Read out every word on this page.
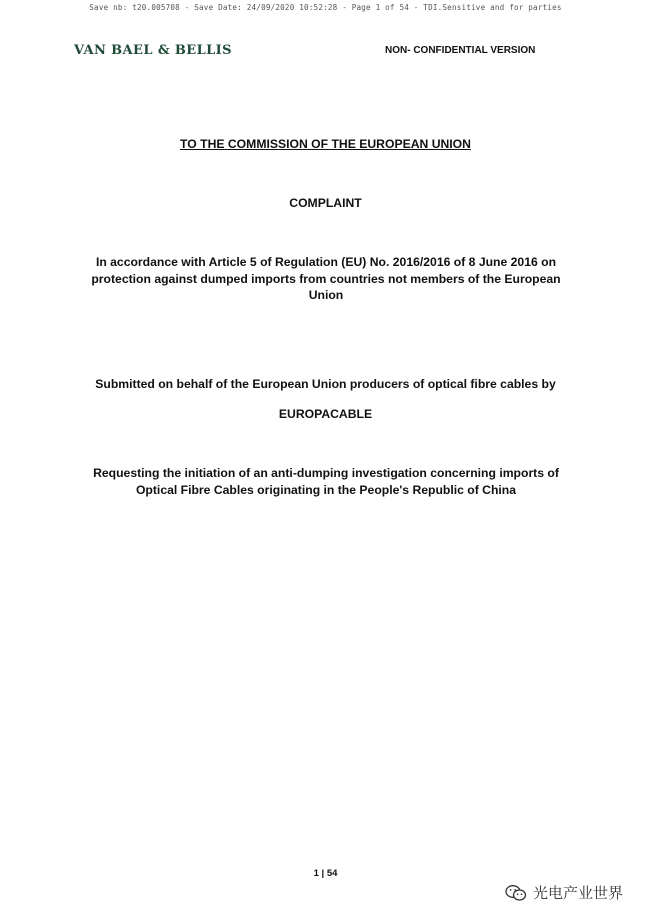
Save nb: t20.005708 - Save Date: 24/09/2020 10:52:28 - Page 1 of 54 - TDI.Sensitive and for parties
VAN BAEL & BELLIS	NON- CONFIDENTIAL VERSION
TO THE COMMISSION OF THE EUROPEAN UNION
COMPLAINT
In accordance with Article 5 of Regulation (EU) No. 2016/2016 of 8 June 2016 on protection against dumped imports from countries not members of the European Union
Submitted on behalf of the European Union producers of optical fibre cables by
EUROPACABLE
Requesting the initiation of an anti-dumping investigation concerning imports of Optical Fibre Cables originating in the People's Republic of China
1 | 54
光电产业世界
